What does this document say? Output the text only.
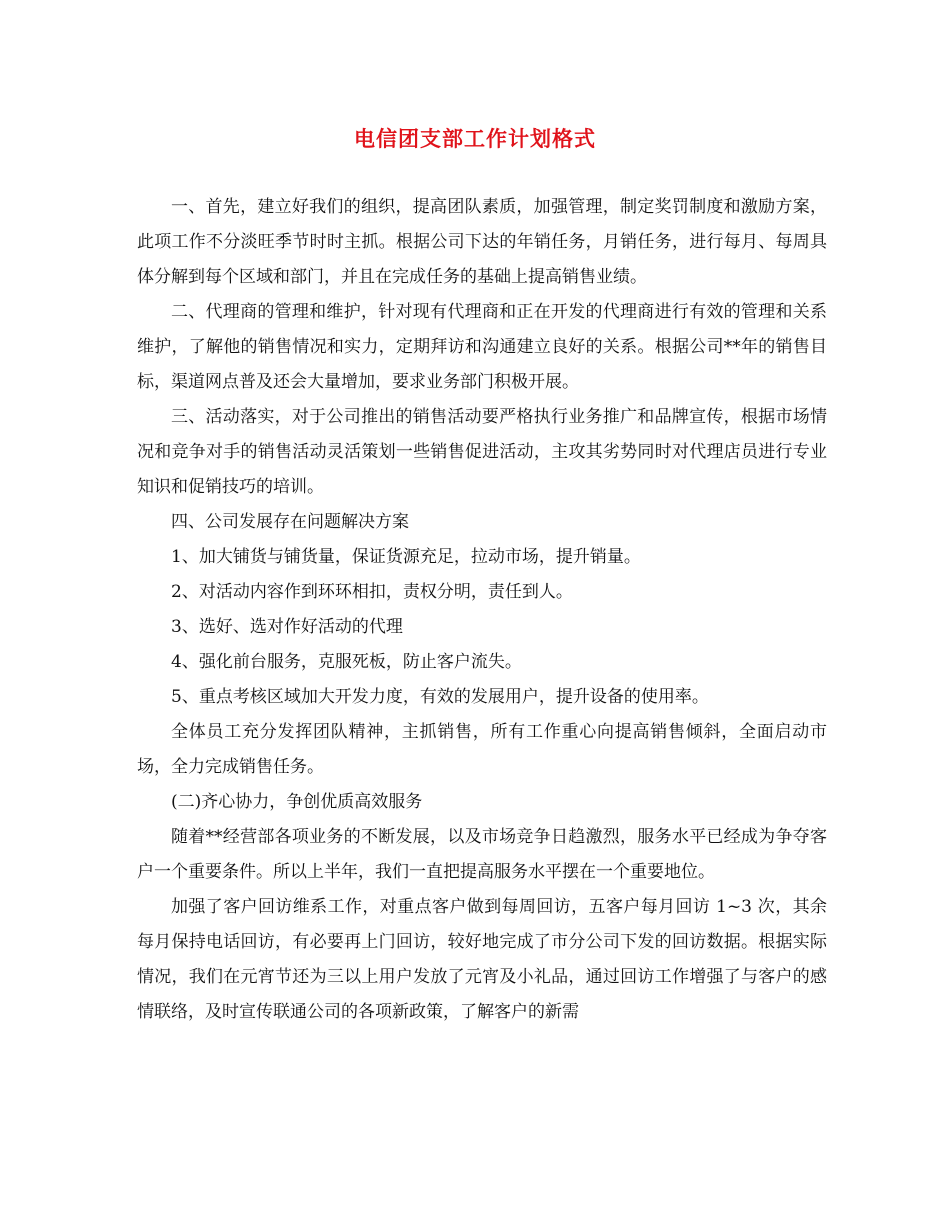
电信团支部工作计划格式

一、首先，建立好我们的组织，提高团队素质，加强管理，制定奖罚制度和激励方案，此项工作不分淡旺季节时时主抓。根据公司下达的年销任务，月销任务，进行每月、每周具体分解到每个区域和部门，并且在完成任务的基础上提高销售业绩。

二、代理商的管理和维护，针对现有代理商和正在开发的代理商进行有效的管理和关系维护，了解他的销售情况和实力，定期拜访和沟通建立良好的关系。根据公司**年的销售目标，渠道网点普及还会大量增加，要求业务部门积极开展。

三、活动落实，对于公司推出的销售活动要严格执行业务推广和品牌宣传，根据市场情况和竞争对手的销售活动灵活策划一些销售促进活动，主攻其劣势同时对代理店员进行专业知识和促销技巧的培训。

四、公司发展存在问题解决方案

1、加大铺货与铺货量，保证货源充足，拉动市场，提升销量。

2、对活动内容作到环环相扣，责权分明，责任到人。

3、选好、选对作好活动的代理

4、强化前台服务，克服死板，防止客户流失。

5、重点考核区域加大开发力度，有效的发展用户，提升设备的使用率。

全体员工充分发挥团队精神，主抓销售，所有工作重心向提高销售倾斜，全面启动市场，全力完成销售任务。

(二)齐心协力，争创优质高效服务

随着**经营部各项业务的不断发展，以及市场竞争日趋激烈，服务水平已经成为争夺客户一个重要条件。所以上半年，我们一直把提高服务水平摆在一个重要地位。

加强了客户回访维系工作，对重点客户做到每周回访，五客户每月回访 1~3 次，其余每月保持电话回访，有必要再上门回访，较好地完成了市分公司下发的回访数据。根据实际情况，我们在元宵节还为三以上用户发放了元宵及小礼品，通过回访工作增强了与客户的感情联络，及时宣传联通公司的各项新政策，了解客户的新需
